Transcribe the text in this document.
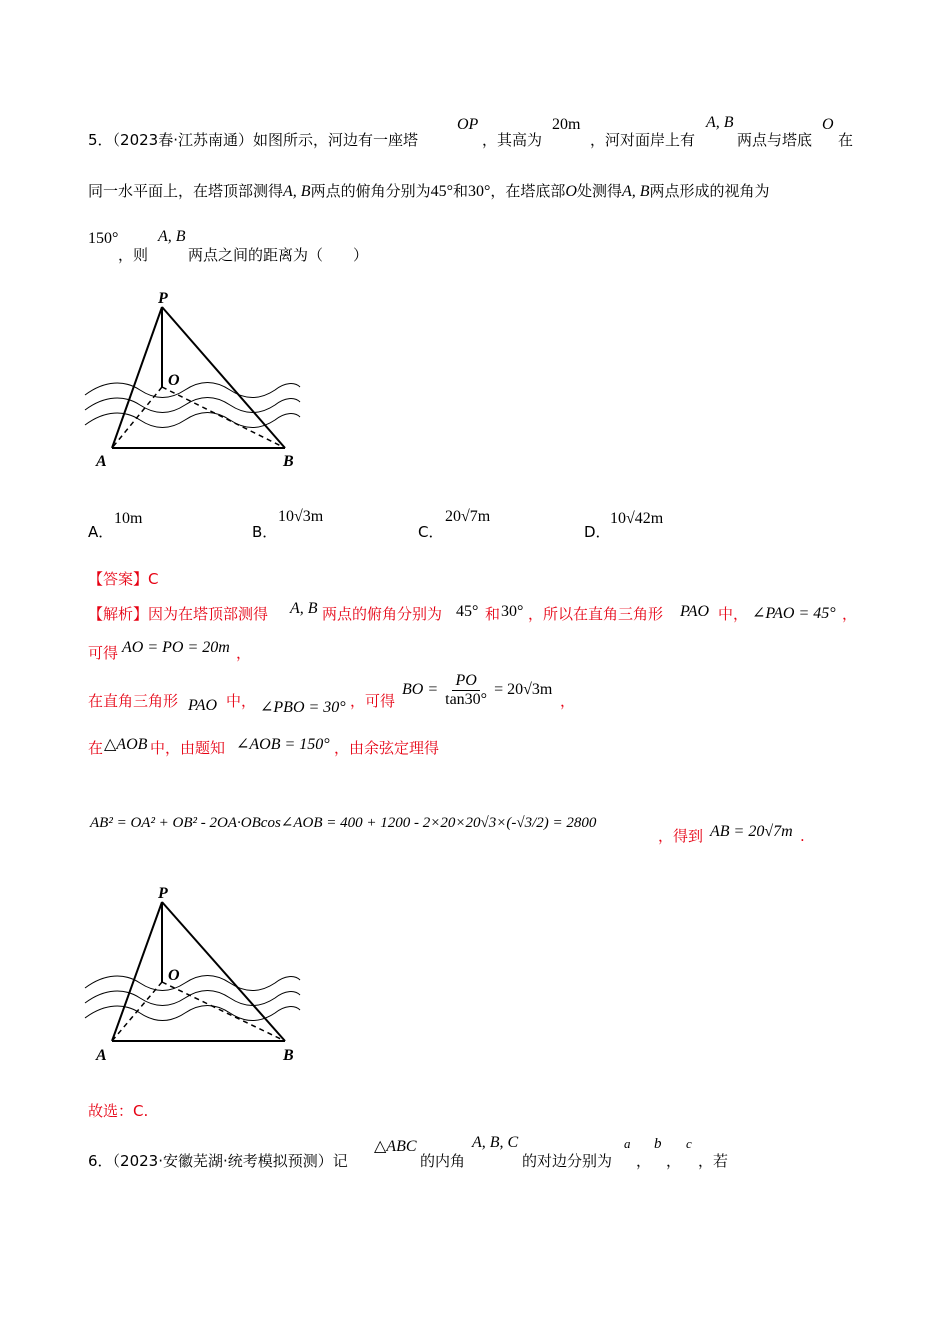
5．（2023春·江苏南通）如图所示，河边有一座塔
OP
，其高为
20m
，河对面岸上有
A, B
两点与塔底
O
在
同一水平面上，在塔顶部测得A, B两点的俯角分别为45°和30°，在塔底部O处测得A, B两点形成的视角为
150°
，则
A, B
两点之间的距离为（　　）
P
O
A	B
A．
10m
B．
10√3m
C．
20√7m
D．
10√42m
【答案】C
【解析】因为在塔顶部测得 A, B 两点的俯角分别为 45° 和 30° ，所以在直角三角形 PAO 中， ∠PAO = 45° ，
可得 AO = PO = 20m ，
在直角三角形 PAO 中， ∠PBO = 30° ，可得
BO = $\frac{PO}{\tan 30^\circ} = 20√3m$
，
在 △AOB 中，由题知 ∠AOB = 150° ，由余弦定理得
AB² = OA² + OB² - 2OA·OBcos∠AOB = 400 + 1200 - 2×20×20√3×(-√3/2) = 2800
，得到 AB = 20√7m .
P
O
A	B
故选：C.
6．（2023·安徽芜湖·统考模拟预测）记
△ABC
的内角
A, B, C
的对边分别为
a
，
b
，
c
，若
